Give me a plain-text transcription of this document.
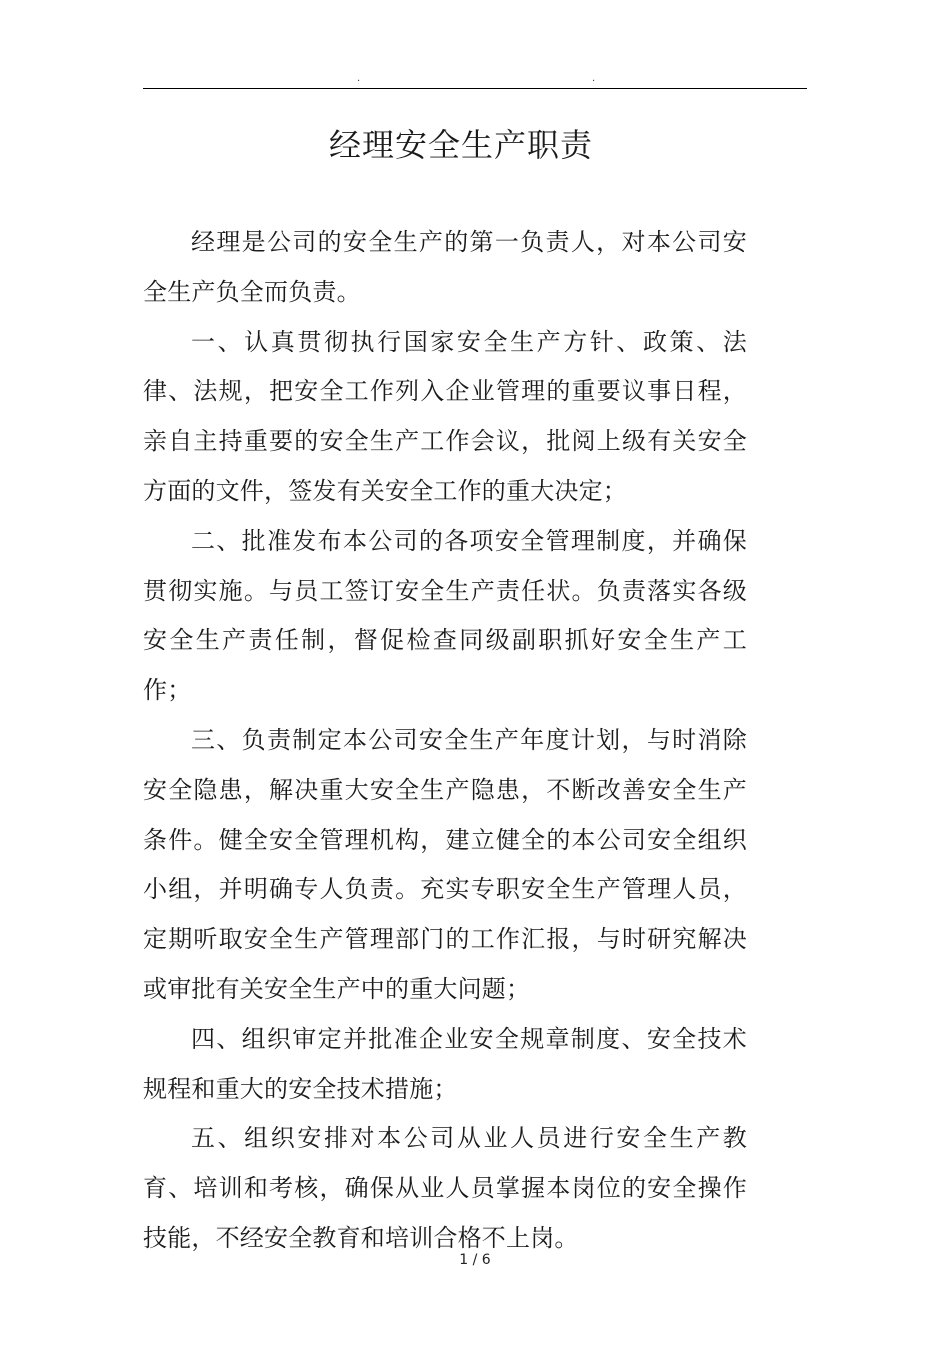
.	.
经理安全生产职责

经理是公司的安全生产的第一负责人，对本公司安全生产负全而负责。

一、认真贯彻执行国家安全生产方针、政策、法律、法规，把安全工作列入企业管理的重要议事日程，亲自主持重要的安全生产工作会议，批阅上级有关安全方面的文件，签发有关安全工作的重大决定；

二、批准发布本公司的各项安全管理制度，并确保贯彻实施。与员工签订安全生产责任状。负责落实各级安全生产责任制，督促检查同级副职抓好安全生产工作；

三、负责制定本公司安全生产年度计划，与时消除安全隐患，解决重大安全生产隐患，不断改善安全生产条件。健全安全管理机构，建立健全的本公司安全组织小组，并明确专人负责。充实专职安全生产管理人员，定期听取安全生产管理部门的工作汇报，与时研究解决或审批有关安全生产中的重大问题；

四、组织审定并批准企业安全规章制度、安全技术规程和重大的安全技术措施；

五、组织安排对本公司从业人员进行安全生产教育、培训和考核，确保从业人员掌握本岗位的安全操作技能，不经安全教育和培训合格不上岗。

1 / 6
